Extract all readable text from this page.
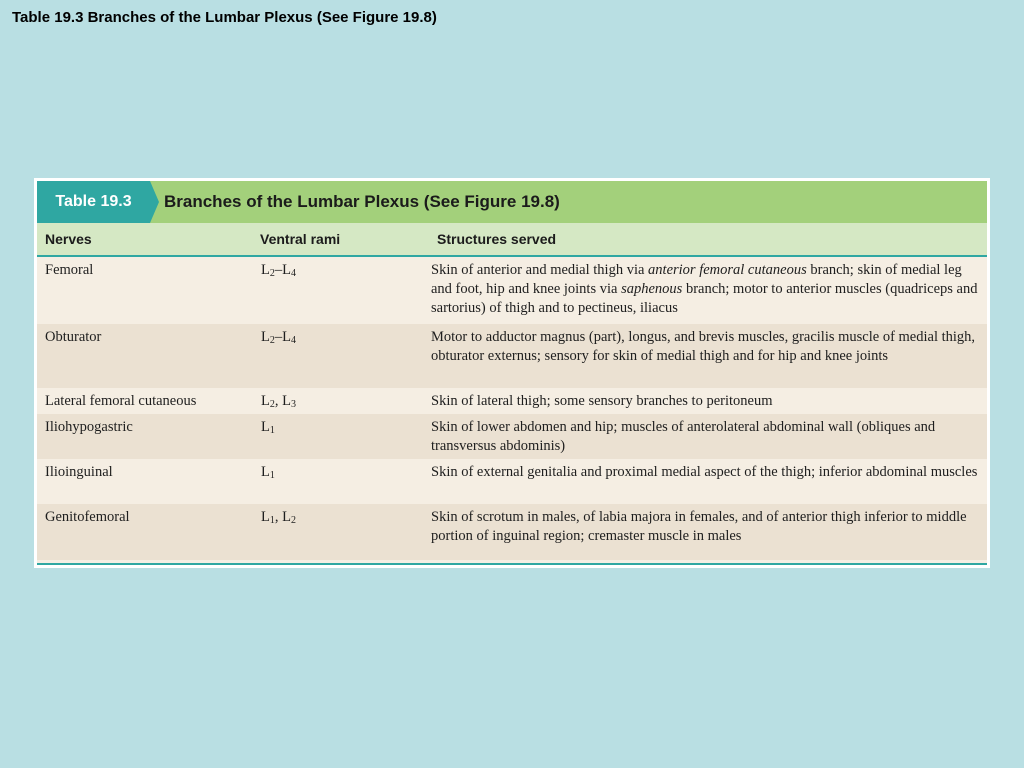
Table 19.3 Branches of the Lumbar Plexus (See Figure 19.8)
Table 19.3	Branches of the Lumbar Plexus (See Figure 19.8)
Nerves	Ventral rami	Structures served
Femoral	$L_2-L_4$	Skin of anterior and medial thigh via anterior femoral cutaneous branch; skin of medial leg and foot, hip and knee joints via saphenous branch; motor to anterior muscles (quadriceps and sartorius) of thigh and to pectineus, iliacus
Obturator	$L_2-L_4$	Motor to adductor magnus (part), longus, and brevis muscles, gracilis muscle of medial thigh, obturator externus; sensory for skin of medial thigh and for hip and knee joints
Lateral femoral cutaneous	$L_2$, $L_3$	Skin of lateral thigh; some sensory branches to peritoneum
Iliohypogastric	$L_1$	Skin of lower abdomen and hip; muscles of anterolateral abdominal wall (obliques and transversus abdominis)
Ilioinguinal	$L_1$	Skin of external genitalia and proximal medial aspect of the thigh; inferior abdominal muscles
Genitofemoral	$L_1$, $L_2$	Skin of scrotum in males, of labia majora in females, and of anterior thigh inferior to middle portion of inguinal region; cremaster muscle in males
